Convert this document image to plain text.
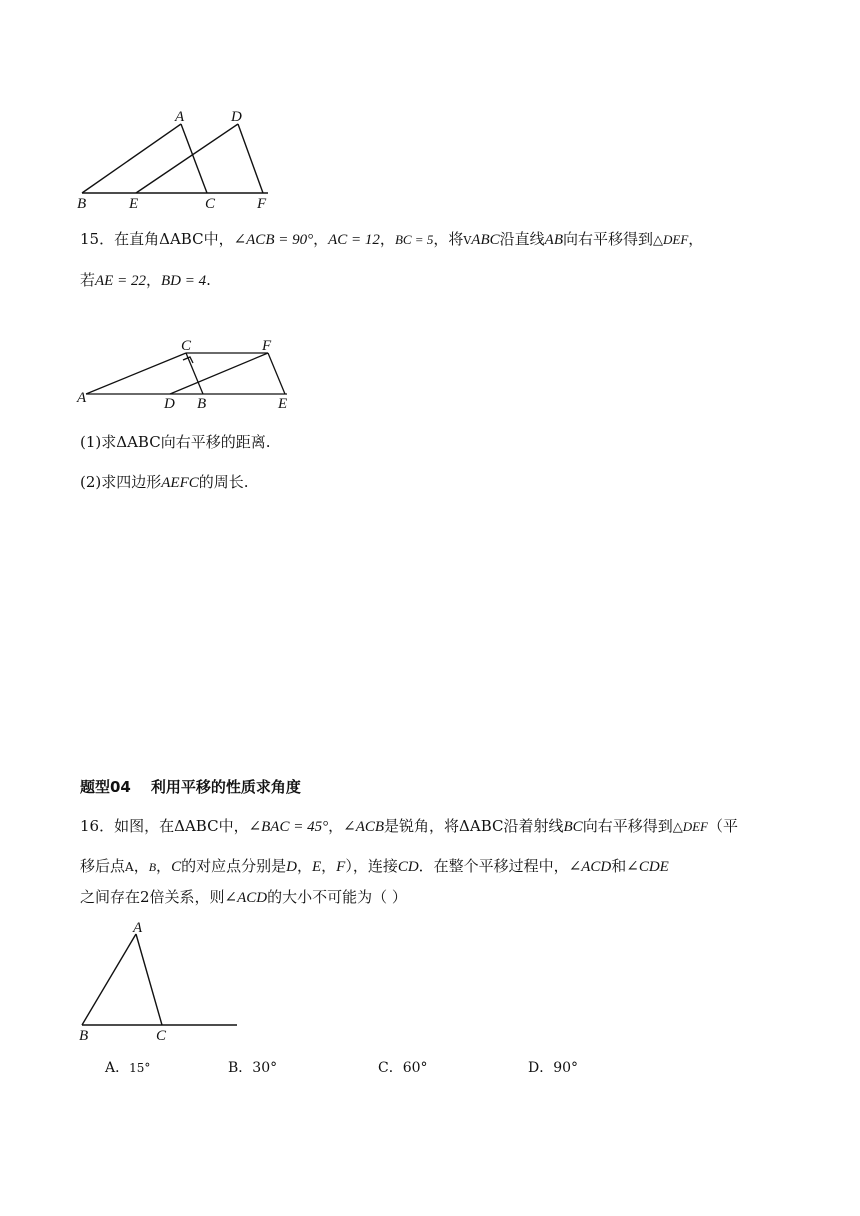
A	D
B	E	C	F
15．在直角ΔABC中，∠ACB = 90°，AC = 12，BC = 5，将VABC沿直线AB向右平移得到△DEF，
若AE = 22，BD = 4.
C	F
A	D B	E
(1)求ΔABC向右平移的距离.
(2)求四边形AEFC的周长.
题型04 利用平移的性质求角度
16．如图，在ΔABC中，∠BAC = 45°，∠ACB是锐角，将ΔABC沿着射线BC向右平移得到△DEF（平
移后点A，B，C的对应点分别是D，E，F），连接CD．在整个平移过程中，∠ACD和∠CDE
之间存在2倍关系，则∠ACD的大小不可能为（ ）
A
B	C
A．15°	B．30°	C．60°	D．90°
